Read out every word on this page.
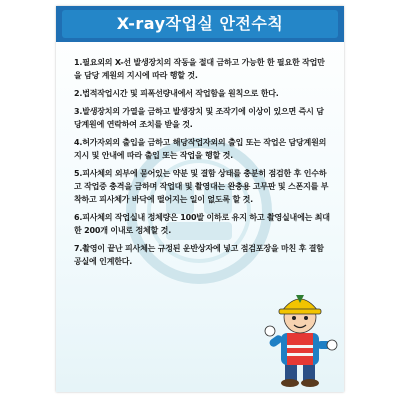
X-ray작업실 안전수칙
1.필요외의 X-선 발생장치의 작동을 절대 금하고 가능한 한 필요한 작업만을 담당 계원의 지시에 따라 행할 것.
2.법적작업시간 및 피폭선량내에서 작업함을 원칙으로 한다.
3.발생장치의 가열을 금하고 발생장치 및 조작기에 이상이 있으면 즉시 담당계원에 연락하여 조치를 받을 것.
4.허가자외의 출입을 금하고 해당작업자외의 출입 또는 작업은 담당계원의 지시 및 안내에 따라 출입 또는 작업을 행할 것.
5.피사체의 외부에 묻어있는 약분 및 결함 상태를 충분히 점검한 후 인수하고 작업중 충격을 금하며 작업대 및 촬영대는 완충용 고무판 및 스폰지를 부착하고 피사체가 바닥에 떨어지는 일이 없도록 할 것.
6.피사체의 작업실내 정체량은 100발 이하로 유지 하고 촬영실내에는 최대한 200개 이내로 정체할 것.
7.촬영이 끝난 피사체는 규정된 운반상자에 넣고 점검포장을 마친 후 결함공실에 인계한다.
